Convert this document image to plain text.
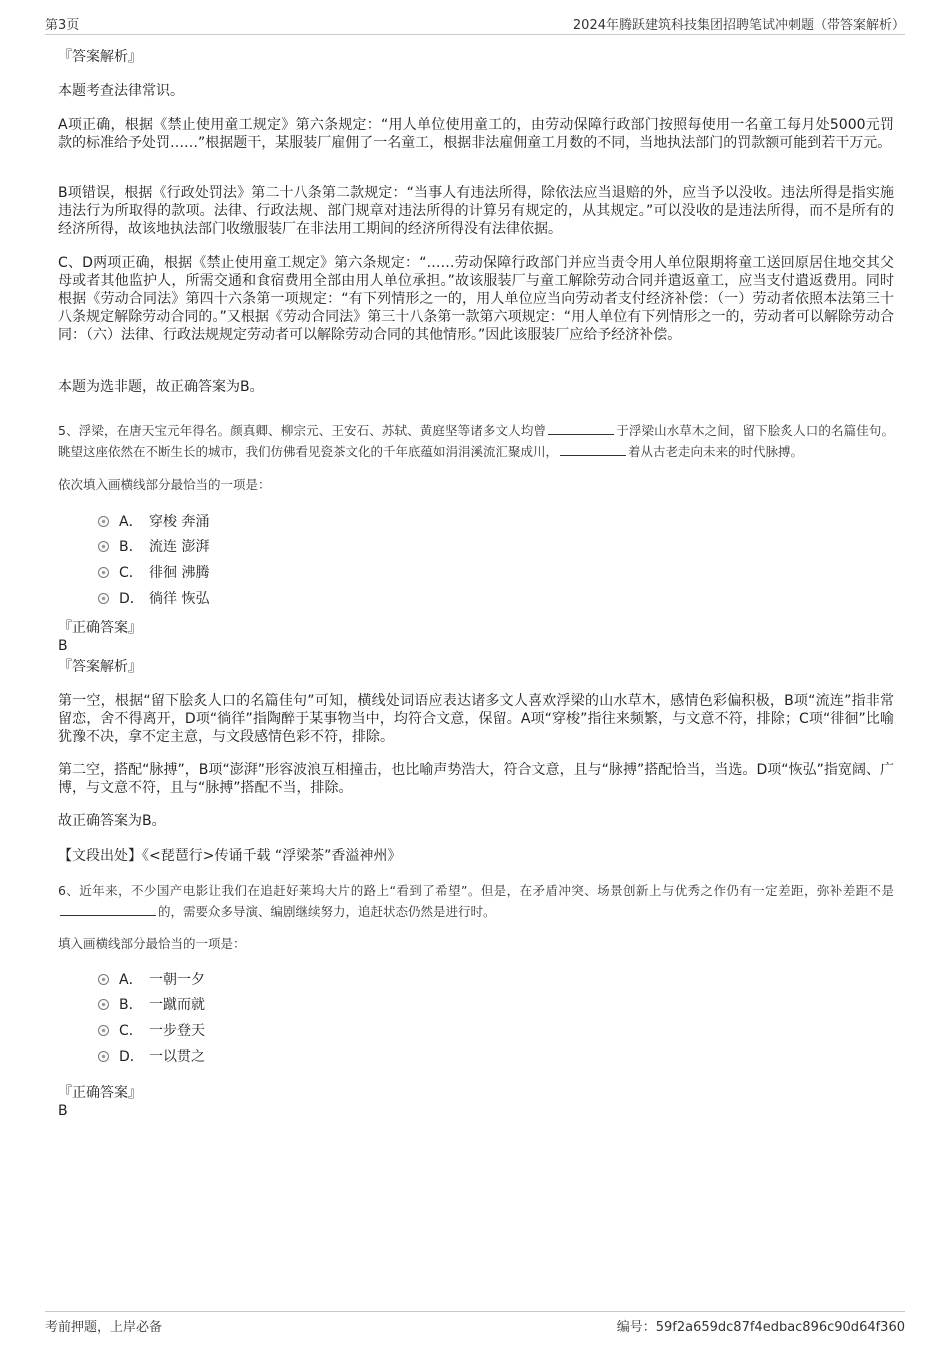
第3页	2024年腾跃建筑科技集团招聘笔试冲刺题（带答案解析）
『答案解析』
本题考查法律常识。
A项正确，根据《禁止使用童工规定》第六条规定：“用人单位使用童工的，由劳动保障行政部门按照每使用一名童工每月处5000元罚款的标准给予处罚……”根据题干，某服装厂雇佣了一名童工，根据非法雇佣童工月数的不同，当地执法部门的罚款额可能到若干万元。
B项错误，根据《行政处罚法》第二十八条第二款规定：“当事人有违法所得，除依法应当退赔的外，应当予以没收。违法所得是指实施违法行为所取得的款项。法律、行政法规、部门规章对违法所得的计算另有规定的，从其规定。”可以没收的是违法所得，而不是所有的经济所得，故该地执法部门收缴服装厂在非法用工期间的经济所得没有法律依据。
C、D两项正确，根据《禁止使用童工规定》第六条规定：“……劳动保障行政部门并应当责令用人单位限期将童工送回原居住地交其父母或者其他监护人，所需交通和食宿费用全部由用人单位承担。”故该服装厂与童工解除劳动合同并遣返童工，应当支付遣返费用。同时根据《劳动合同法》第四十六条第一项规定：“有下列情形之一的，用人单位应当向劳动者支付经济补偿：（一）劳动者依照本法第三十八条规定解除劳动合同的。”又根据《劳动合同法》第三十八条第一款第六项规定：“用人单位有下列情形之一的，劳动者可以解除劳动合同：（六）法律、行政法规规定劳动者可以解除劳动合同的其他情形。”因此该服装厂应给予经济补偿。
本题为选非题，故正确答案为B。
5、浮梁，在唐天宝元年得名。颜真卿、柳宗元、王安石、苏轼、黄庭坚等诸多文人均曾	于浮梁山水草木之间，留下脍炙人口的名篇佳句。眺望这座依然在不断生长的城市，我们仿佛看见瓷茶文化的千年底蕴如涓涓溪流汇聚成川，	着从古老走向未来的时代脉搏。
依次填入画横线部分最恰当的一项是：
A． 穿梭 奔涌
B． 流连 澎湃
C． 徘徊 沸腾
D． 徜徉 恢弘
『正确答案』
B
『答案解析』
第一空，根据“留下脍炙人口的名篇佳句”可知，横线处词语应表达诸多文人喜欢浮梁的山水草木，感情色彩偏积极，B项“流连”指非常留恋，舍不得离开，D项“徜徉”指陶醉于某事物当中，均符合文意，保留。A项“穿梭”指往来频繁，与文意不符，排除；C项“徘徊”比喻犹豫不决，拿不定主意，与文段感情色彩不符，排除。
第二空，搭配“脉搏”，B项“澎湃”形容波浪互相撞击，也比喻声势浩大，符合文意，且与“脉搏”搭配恰当，当选。D项“恢弘”指宽阔、广博，与文意不符，且与“脉搏”搭配不当，排除。
故正确答案为B。
【文段出处】《<琵琶行>传诵千载 “浮梁茶”香溢神州》
6、近年来，不少国产电影让我们在追赶好莱坞大片的路上“看到了希望”。但是，在矛盾冲突、场景创新上与优秀之作仍有一定差距，弥补差距不是的，需要众多导演、编剧继续努力，追赶状态仍然是进行时。
填入画横线部分最恰当的一项是：
A． 一朝一夕
B． 一蹴而就
C． 一步登天
D． 一以贯之
『正确答案』
B
考前押题，上岸必备	编号：59f2a659dc87f4edbac896c90d64f360
